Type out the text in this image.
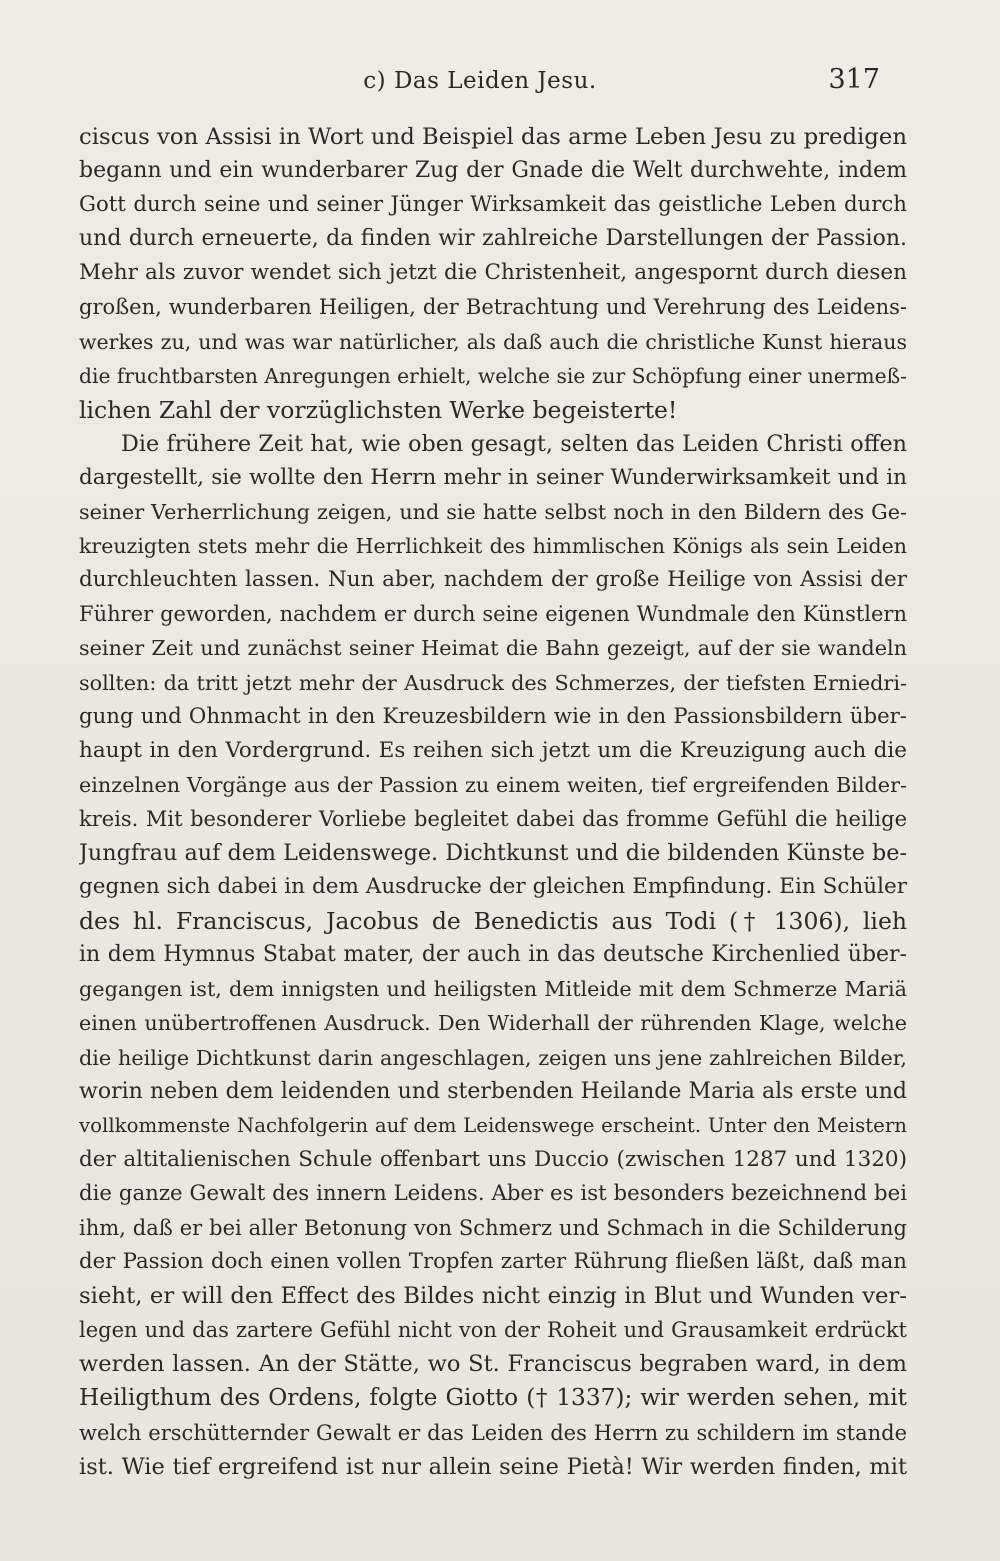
c) Das Leiden Jesu.	317
ciscus von Assisi in Wort und Beispiel das arme Leben Jesu zu predigen
begann und ein wunderbarer Zug der Gnade die Welt durchwehte, indem
Gott durch seine und seiner Jünger Wirksamkeit das geistliche Leben durch
und durch erneuerte, da finden wir zahlreiche Darstellungen der Passion.
Mehr als zuvor wendet sich jetzt die Christenheit, angespornt durch diesen
großen, wunderbaren Heiligen, der Betrachtung und Verehrung des Leidens-
werkes zu, und was war natürlicher, als daß auch die christliche Kunst hieraus
die fruchtbarsten Anregungen erhielt, welche sie zur Schöpfung einer unermeß-
lichen Zahl der vorzüglichsten Werke begeisterte!
Die frühere Zeit hat, wie oben gesagt, selten das Leiden Christi offen
dargestellt, sie wollte den Herrn mehr in seiner Wunderwirksamkeit und in
seiner Verherrlichung zeigen, und sie hatte selbst noch in den Bildern des Ge-
kreuzigten stets mehr die Herrlichkeit des himmlischen Königs als sein Leiden
durchleuchten lassen. Nun aber, nachdem der große Heilige von Assisi der
Führer geworden, nachdem er durch seine eigenen Wundmale den Künstlern
seiner Zeit und zunächst seiner Heimat die Bahn gezeigt, auf der sie wandeln
sollten: da tritt jetzt mehr der Ausdruck des Schmerzes, der tiefsten Erniedri-
gung und Ohnmacht in den Kreuzesbildern wie in den Passionsbildern über-
haupt in den Vordergrund. Es reihen sich jetzt um die Kreuzigung auch die
einzelnen Vorgänge aus der Passion zu einem weiten, tief ergreifenden Bilder-
kreis. Mit besonderer Vorliebe begleitet dabei das fromme Gefühl die heilige
Jungfrau auf dem Leidenswege. Dichtkunst und die bildenden Künste be-
gegnen sich dabei in dem Ausdrucke der gleichen Empfindung. Ein Schüler
des hl. Franciscus, Jacobus de Benedictis aus Todi († 1306), lieh
in dem Hymnus Stabat mater, der auch in das deutsche Kirchenlied über-
gegangen ist, dem innigsten und heiligsten Mitleide mit dem Schmerze Mariä
einen unübertroffenen Ausdruck. Den Widerhall der rührenden Klage, welche
die heilige Dichtkunst darin angeschlagen, zeigen uns jene zahlreichen Bilder,
worin neben dem leidenden und sterbenden Heilande Maria als erste und
vollkommenste Nachfolgerin auf dem Leidenswege erscheint. Unter den Meistern
der altitalienischen Schule offenbart uns Duccio (zwischen 1287 und 1320)
die ganze Gewalt des innern Leidens. Aber es ist besonders bezeichnend bei
ihm, daß er bei aller Betonung von Schmerz und Schmach in die Schilderung
der Passion doch einen vollen Tropfen zarter Rührung fließen läßt, daß man
sieht, er will den Effect des Bildes nicht einzig in Blut und Wunden ver-
legen und das zartere Gefühl nicht von der Roheit und Grausamkeit erdrückt
werden lassen. An der Stätte, wo St. Franciscus begraben ward, in dem
Heiligthum des Ordens, folgte Giotto († 1337); wir werden sehen, mit
welch erschütternder Gewalt er das Leiden des Herrn zu schildern im stande
ist. Wie tief ergreifend ist nur allein seine Pietà! Wir werden finden, mit
